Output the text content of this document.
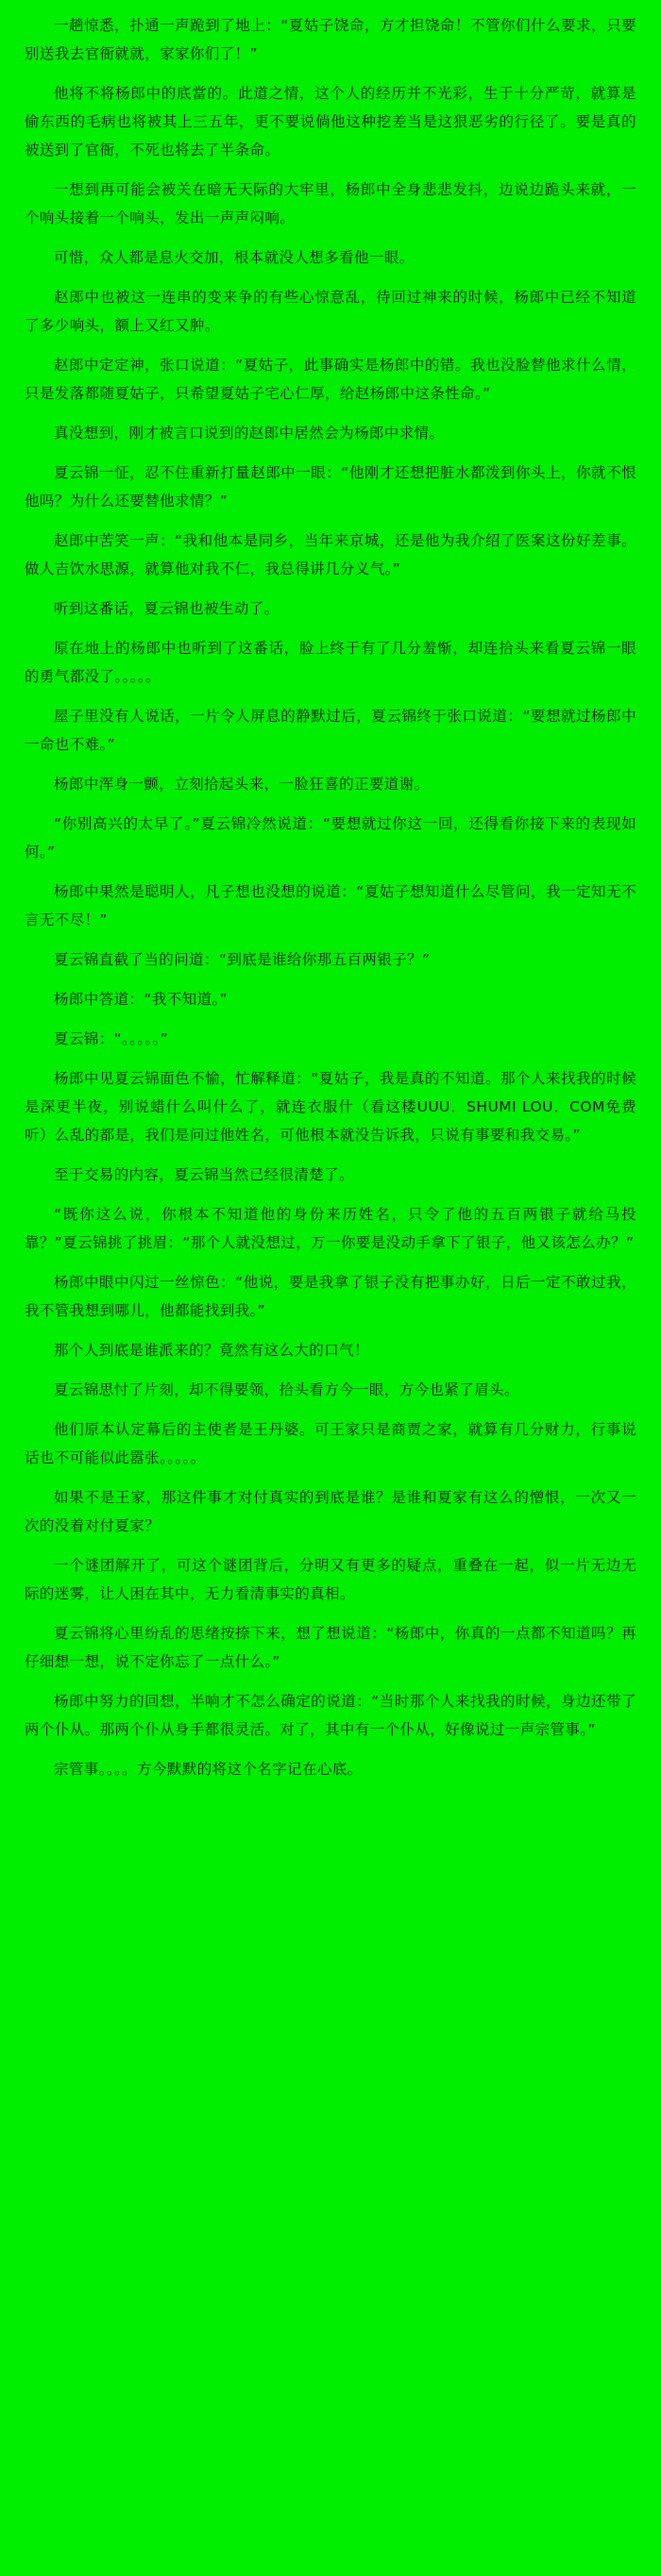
一趟惊悉，扑通一声跪到了地上：“夏姑子饶命，方才担饶命！不管你们什么要求，只要别送我去官衙就就，家家你们了！”

他将不将杨郎中的底當的。此道之情，这个人的经历并不光彩，生于十分严苛，就算是偷东西的毛病也将被其上三五年，更不要说倘他这种挖差当是这狠恶劣的行径了。要是真的被送到了官衙，不死也将去了半条命。

一想到再可能会被关在暗无天际的大牢里，杨郎中全身悲悲发抖，边说边跪头来就，一个响头接着一个响头，发出一声声闷响。

可惜，众人都是息火交加，根本就没人想多看他一眼。

赵郎中也被这一连串的变来争的有些心惊意乱，待回过神来的时候，杨郎中已经不知道了多少响头，额上又红又肿。

赵郎中定定神，张口说道：“夏姑子，此事确实是杨郎中的错。我也没脸替他求什么情，只是发落都随夏姑子，只希望夏姑子宅心仁厚，给赵杨郎中这条性命。”

真没想到，刚才被言口说到的赵郎中居然会为杨郎中求情。

夏云锦一怔，忍不住重新打量赵郎中一眼：“他刚才还想把脏水都泼到你头上，你就不恨他吗？为什么还要替他求情？”

赵郎中苦笑一声：“我和他本是同乡，当年来京城，还是他为我介绍了医案这份好差事。做人吉饮水思源，就算他对我不仁，我总得讲几分义气。”

听到这番话，夏云锦也被生动了。

原在地上的杨郎中也听到了这番话，脸上终于有了几分羞惭，却连拾头来看夏云锦一眼的勇气都没了。。。。。

屋子里没有人说话，一片令人屏息的静默过后，夏云锦终于张口说道：“要想就过杨郎中一命也不难。”

杨郎中浑身一颤，立刻拾起头来，一脸狂喜的正要道谢。

“你别高兴的太早了。”夏云锦冷然说道：“要想就过你这一回，还得看你接下来的表现如何。”

杨郎中果然是聪明人，凡子想也没想的说道：“夏姑子想知道什么尽管问，我一定知无不言无不尽！”

夏云锦直截了当的问道：“到底是谁给你那五百两银子？”

杨郎中答道：“我不知道。”

夏云锦：“。。。。。”

杨郎中见夏云锦面色不愉，忙解释道：“夏姑子，我是真的不知道。那个人来找我的时候是深更半夜，别说蜡什么叫什么了，就连衣服什（看这楼UUU．SHUMI LOU．COM免费听）么乱的都是，我们是问过他姓名，可他根本就没告诉我，只说有事要和我交易。”

至于交易的内容，夏云锦当然已经很清楚了。

“既你这么说，你根本不知道他的身份来历姓名，只令了他的五百两银子就给马投靠？”夏云锦挑了挑眉：“那个人就没想过，万一你要是没动手拿下了银子，他又该怎么办？”

杨郎中眼中闪过一丝惊色：“他说，要是我拿了银子没有把事办好，日后一定不敢过我，我不管我想到哪儿，他都能找到我。”

那个人到底是谁派来的？竟然有这么大的口气！

夏云锦思忖了片刻，却不得要领，拾头看方今一眼，方今也紧了眉头。

他们原本认定幕后的主使者是王丹婆。可王家只是商贾之家，就算有几分财力，行事说话也不可能似此嚣张。。。。。

如果不是王家，那这件事才对付真实的到底是谁？是谁和夏家有这么的憎恨，一次又一次的没着对付夏家？

一个谜团解开了，可这个谜团背后，分明又有更多的疑点，重叠在一起，似一片无边无际的迷雾，让人困在其中，无力看清事实的真相。

夏云锦将心里纷乱的思绪按捺下来，想了想说道：“杨郎中，你真的一点都不知道吗？再仔细想一想，说不定你忘了一点什么。”

杨郎中努力的回想，半响才不怎么确定的说道：“当时那个人来找我的时候，身边还带了两个仆从。那两个仆从身手都很灵活。对了，其中有一个仆从，好像说过一声宗管事。”

宗管事。。。。方今默默的将这个名字记在心底。
